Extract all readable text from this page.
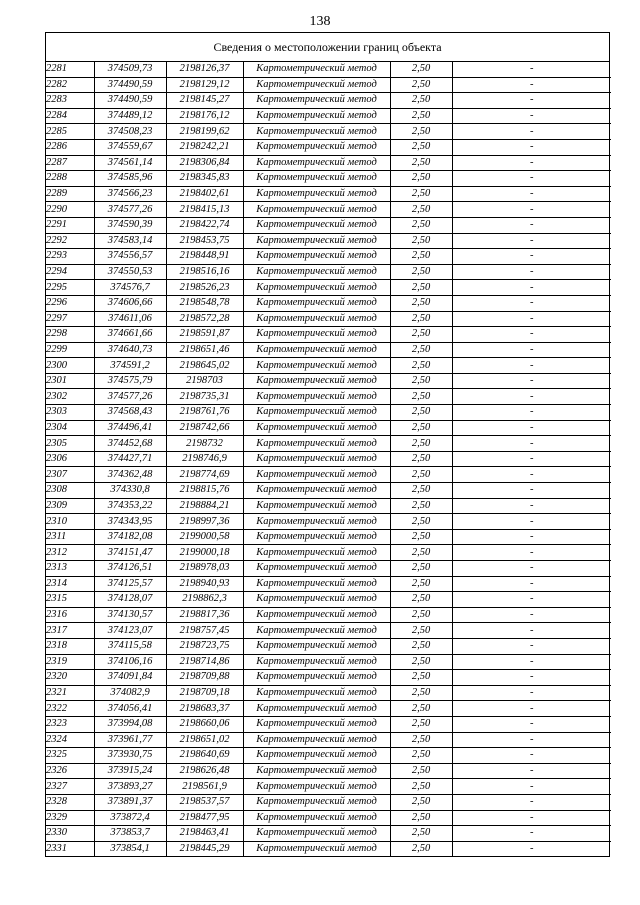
138
Сведения о местоположении границ объекта
2281	374509,73	2198126,37	Картометрический метод	2,50	-
2282	374490,59	2198129,12	Картометрический метод	2,50	-
2283	374490,59	2198145,27	Картометрический метод	2,50	-
2284	374489,12	2198176,12	Картометрический метод	2,50	-
2285	374508,23	2198199,62	Картометрический метод	2,50	-
2286	374559,67	2198242,21	Картометрический метод	2,50	-
2287	374561,14	2198306,84	Картометрический метод	2,50	-
2288	374585,96	2198345,83	Картометрический метод	2,50	-
2289	374566,23	2198402,61	Картометрический метод	2,50	-
2290	374577,26	2198415,13	Картометрический метод	2,50	-
2291	374590,39	2198422,74	Картометрический метод	2,50	-
2292	374583,14	2198453,75	Картометрический метод	2,50	-
2293	374556,57	2198448,91	Картометрический метод	2,50	-
2294	374550,53	2198516,16	Картометрический метод	2,50	-
2295	374576,7	2198526,23	Картометрический метод	2,50	-
2296	374606,66	2198548,78	Картометрический метод	2,50	-
2297	374611,06	2198572,28	Картометрический метод	2,50	-
2298	374661,66	2198591,87	Картометрический метод	2,50	-
2299	374640,73	2198651,46	Картометрический метод	2,50	-
2300	374591,2	2198645,02	Картометрический метод	2,50	-
2301	374575,79	2198703	Картометрический метод	2,50	-
2302	374577,26	2198735,31	Картометрический метод	2,50	-
2303	374568,43	2198761,76	Картометрический метод	2,50	-
2304	374496,41	2198742,66	Картометрический метод	2,50	-
2305	374452,68	2198732	Картометрический метод	2,50	-
2306	374427,71	2198746,9	Картометрический метод	2,50	-
2307	374362,48	2198774,69	Картометрический метод	2,50	-
2308	374330,8	2198815,76	Картометрический метод	2,50	-
2309	374353,22	2198884,21	Картометрический метод	2,50	-
2310	374343,95	2198997,36	Картометрический метод	2,50	-
2311	374182,08	2199000,58	Картометрический метод	2,50	-
2312	374151,47	2199000,18	Картометрический метод	2,50	-
2313	374126,51	2198978,03	Картометрический метод	2,50	-
2314	374125,57	2198940,93	Картометрический метод	2,50	-
2315	374128,07	2198862,3	Картометрический метод	2,50	-
2316	374130,57	2198817,36	Картометрический метод	2,50	-
2317	374123,07	2198757,45	Картометрический метод	2,50	-
2318	374115,58	2198723,75	Картометрический метод	2,50	-
2319	374106,16	2198714,86	Картометрический метод	2,50	-
2320	374091,84	2198709,88	Картометрический метод	2,50	-
2321	374082,9	2198709,18	Картометрический метод	2,50	-
2322	374056,41	2198683,37	Картометрический метод	2,50	-
2323	373994,08	2198660,06	Картометрический метод	2,50	-
2324	373961,77	2198651,02	Картометрический метод	2,50	-
2325	373930,75	2198640,69	Картометрический метод	2,50	-
2326	373915,24	2198626,48	Картометрический метод	2,50	-
2327	373893,27	2198561,9	Картометрический метод	2,50	-
2328	373891,37	2198537,57	Картометрический метод	2,50	-
2329	373872,4	2198477,95	Картометрический метод	2,50	-
2330	373853,7	2198463,41	Картометрический метод	2,50	-
2331	373854,1	2198445,29	Картометрический метод	2,50	-
